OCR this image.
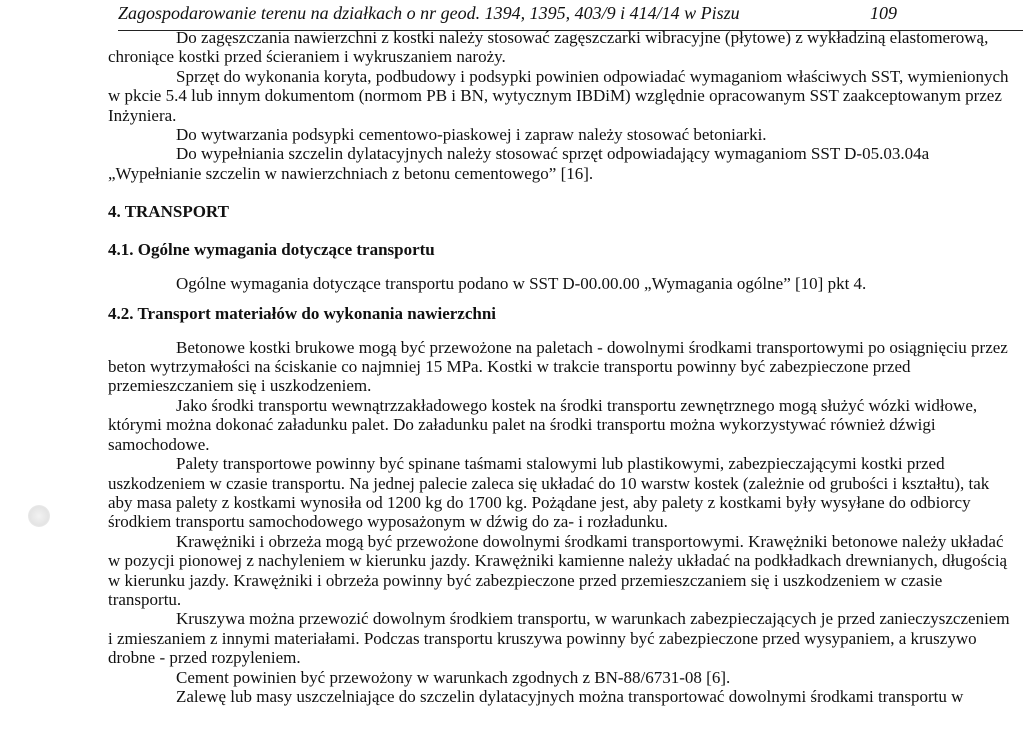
Zagospodarowanie terenu na działkach o nr geod. 1394, 1395, 403/9 i 414/14 w Piszu	109

Do zagęszczania nawierzchni z kostki należy stosować zagęszczarki wibracyjne (płytowe) z wykładziną elastomerową, chroniące kostki przed ścieraniem i wykruszaniem naroży.

Sprzęt do wykonania koryta, podbudowy i podsypki powinien odpowiadać wymaganiom właściwych SST, wymienionych w pkcie 5.4 lub innym dokumentom (normom PB i BN, wytycznym IBDiM) względnie opracowanym SST zaakceptowanym przez Inżyniera.

Do wytwarzania podsypki cementowo-piaskowej i zapraw należy stosować betoniarki.

Do wypełniania szczelin dylatacyjnych należy stosować sprzęt odpowiadający wymaganiom SST D-05.03.04a „Wypełnianie szczelin w nawierzchniach z betonu cementowego” [16].

4. TRANSPORT
4.1. Ogólne wymagania dotyczące transportu

Ogólne wymagania dotyczące transportu podano w SST D-00.00.00 „Wymagania ogólne” [10] pkt 4.

4.2. Transport materiałów do wykonania nawierzchni

Betonowe kostki brukowe mogą być przewożone na paletach - dowolnymi środkami transportowymi po osiągnięciu przez beton wytrzymałości na ściskanie co najmniej 15 MPa. Kostki w trakcie transportu powinny być zabezpieczone przed przemieszczaniem się i uszkodzeniem.

Jako środki transportu wewnątrzzakładowego kostek na środki transportu zewnętrznego mogą służyć wózki widłowe, którymi można dokonać załadunku palet. Do załadunku palet na środki transportu można wykorzystywać również dźwigi samochodowe.

Palety transportowe powinny być spinane taśmami stalowymi lub plastikowymi, zabezpieczającymi kostki przed uszkodzeniem w czasie transportu. Na jednej palecie zaleca się układać do 10 warstw kostek (zależnie od grubości i kształtu), tak aby masa palety z kostkami wynosiła od 1200 kg do 1700 kg. Pożądane jest, aby palety z kostkami były wysyłane do odbiorcy środkiem transportu samochodowego wyposażonym w dźwig do za- i rozładunku.

Krawężniki i obrzeża mogą być przewożone dowolnymi środkami transportowymi. Krawężniki betonowe należy układać w pozycji pionowej z nachyleniem w kierunku jazdy. Krawężniki kamienne należy układać na podkładkach drewnianych, długością w kierunku jazdy. Krawężniki i obrzeża powinny być zabezpieczone przed przemieszczaniem się i uszkodzeniem w czasie transportu.

Kruszywa można przewozić dowolnym środkiem transportu, w warunkach zabezpieczających je przed zanieczyszczeniem i zmieszaniem z innymi materiałami. Podczas transportu kruszywa powinny być zabezpieczone przed wysypaniem, a kruszywo drobne - przed rozpyleniem.

Cement powinien być przewożony w warunkach zgodnych z BN-88/6731-08 [6].

Zalewę lub masy uszczelniające do szczelin dylatacyjnych można transportować dowolnymi środkami transportu w
